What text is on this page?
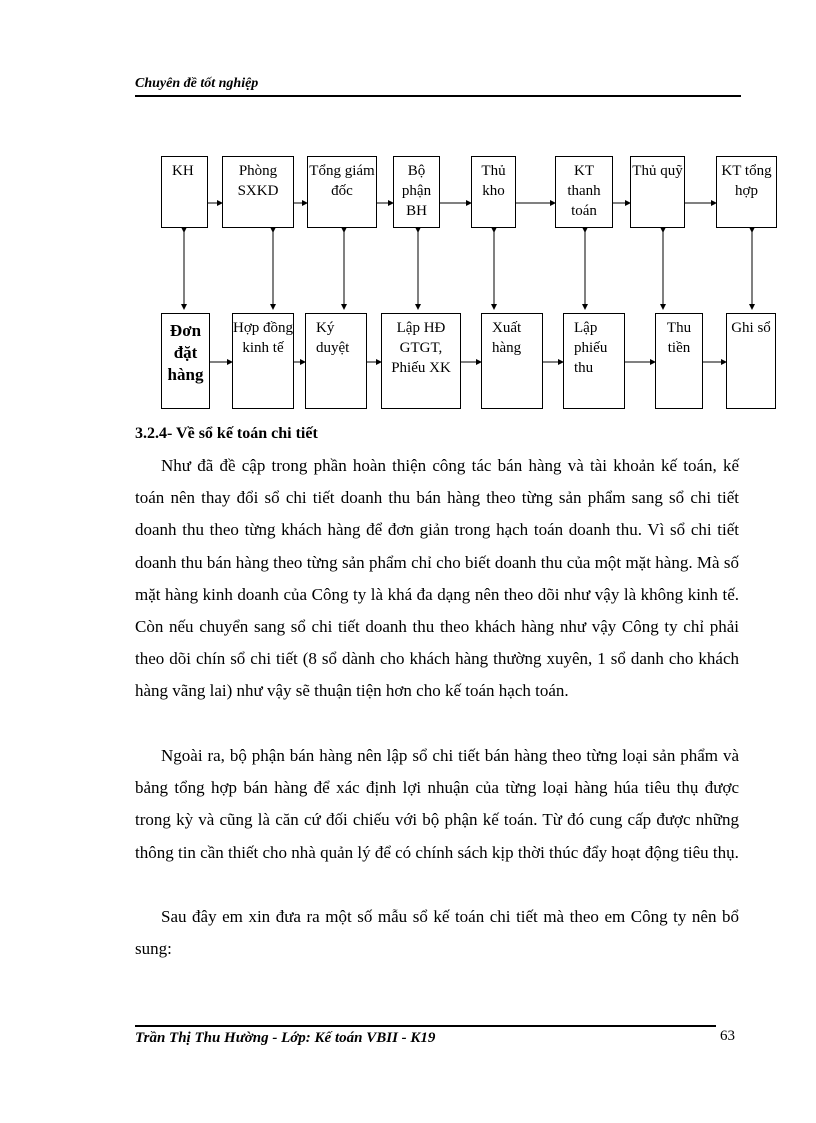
Chuyên đề tốt nghiệp
KH	Phòng SXKD
Tổng giám đốc
Bộ phận BH
Thủ kho
KT thanh toán
Thủ quỹ	KT tổng hợp
Đơn đặt hàng
Hợp đồng kinh tế
Ký duyệt
Lập HĐ GTGT, Phiếu XK
Xuất hàng
Lập phiếu thu
Thu tiền
Ghi sổ
3.2.4- Về sổ kế toán chi tiết

Như đã đề cập trong phần hoàn thiện công tác bán hàng và tài khoản kế toán, kế toán nên thay đổi sổ chi tiết doanh thu bán hàng theo từng sản phẩm sang sổ chi tiết doanh thu theo từng khách hàng để đơn giản trong hạch toán doanh thu. Vì sổ chi tiết doanh thu bán hàng theo từng sản phẩm chỉ cho biết doanh thu của một mặt hàng. Mà số mặt hàng kinh doanh của Công ty là khá đa dạng nên theo dõi như vậy là không kinh tế. Còn nếu chuyển sang sổ chi tiết doanh thu theo khách hàng như vậy Công ty chỉ phải theo dõi chín sổ chi tiết (8 sổ dành cho khách hàng thường xuyên, 1 sổ danh cho khách hàng vãng lai) như vậy sẽ thuận tiện hơn cho kế toán hạch toán.

Ngoài ra, bộ phận bán hàng nên lập sổ chi tiết bán hàng theo từng loại sản phẩm và bảng tổng hợp bán hàng để xác định lợi nhuận của từng loại hàng húa tiêu thụ được trong kỳ và cũng là căn cứ đối chiếu với bộ phận kế toán. Từ đó cung cấp được những thông tin cần thiết cho nhà quản lý để có chính sách kịp thời thúc đẩy hoạt động tiêu thụ.

Sau đây em xin đưa ra một số mẫu sổ kế toán chi tiết mà theo em Công ty nên bổ sung:

Trần Thị Thu Hường - Lớp: Kế toán VBII - K19	63
